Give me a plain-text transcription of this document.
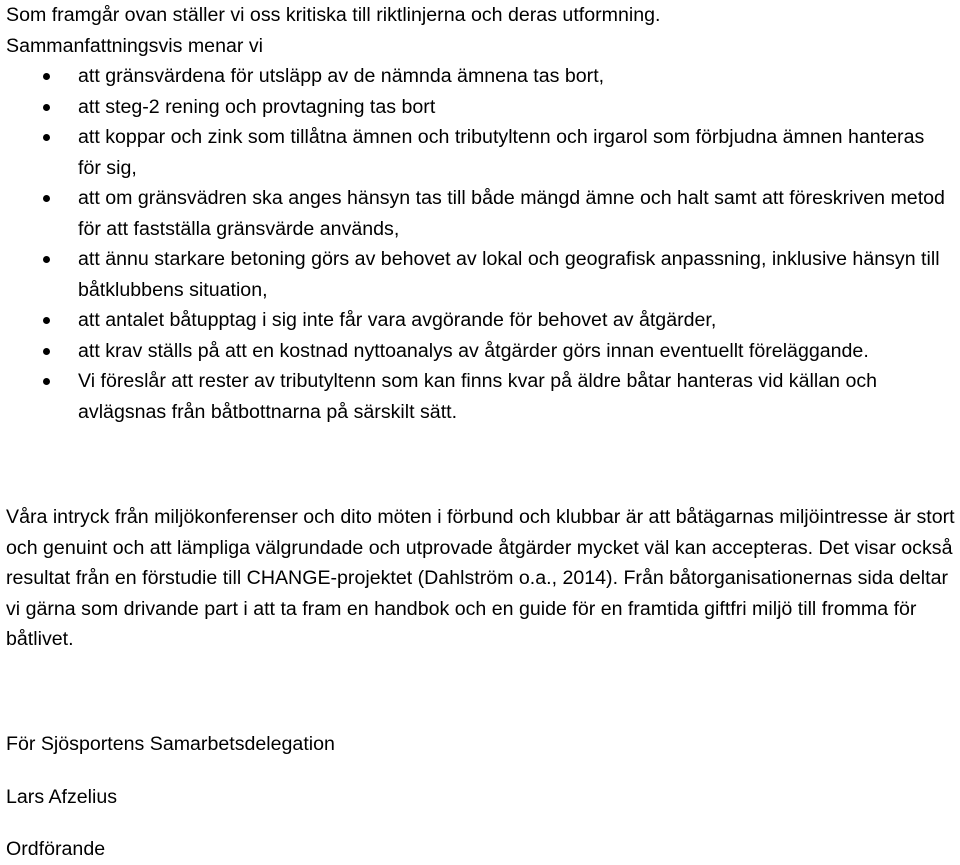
Som framgår ovan ställer vi oss kritiska till riktlinjerna och deras utformning.

Sammanfattningsvis menar vi

att gränsvärdena för utsläpp av de nämnda ämnena tas bort,
att steg-2 rening och provtagning tas bort
att koppar och zink som tillåtna ämnen och tributyltenn och irgarol som förbjudna ämnen hanteras för sig,
att om gränsvädren ska anges hänsyn tas till både mängd ämne och halt samt att föreskriven metod för att fastställa gränsvärde används,
att ännu starkare betoning görs av behovet av lokal och geografisk anpassning, inklusive hänsyn till båtklubbens situation,
att antalet båtupptag i sig inte får vara avgörande för behovet av åtgärder,
att krav ställs på att en kostnad nyttoanalys av åtgärder görs innan eventuellt föreläggande.
Vi föreslår att rester av tributyltenn som kan finns kvar på äldre båtar hanteras vid källan och avlägsnas från båtbottnarna på särskilt sätt.

Våra intryck från miljökonferenser och dito möten i förbund och klubbar är att båtägarnas miljöintresse är stort och genuint och att lämpliga välgrundade och utprovade åtgärder mycket väl kan accepteras. Det visar också resultat från en förstudie till CHANGE-projektet (Dahlström o.a., 2014). Från båtorganisationernas sida deltar vi gärna som drivande part i att ta fram en handbok och en guide för en framtida giftfri miljö till fromma för båtlivet.

För Sjösportens Samarbetsdelegation

Lars Afzelius

Ordförande
